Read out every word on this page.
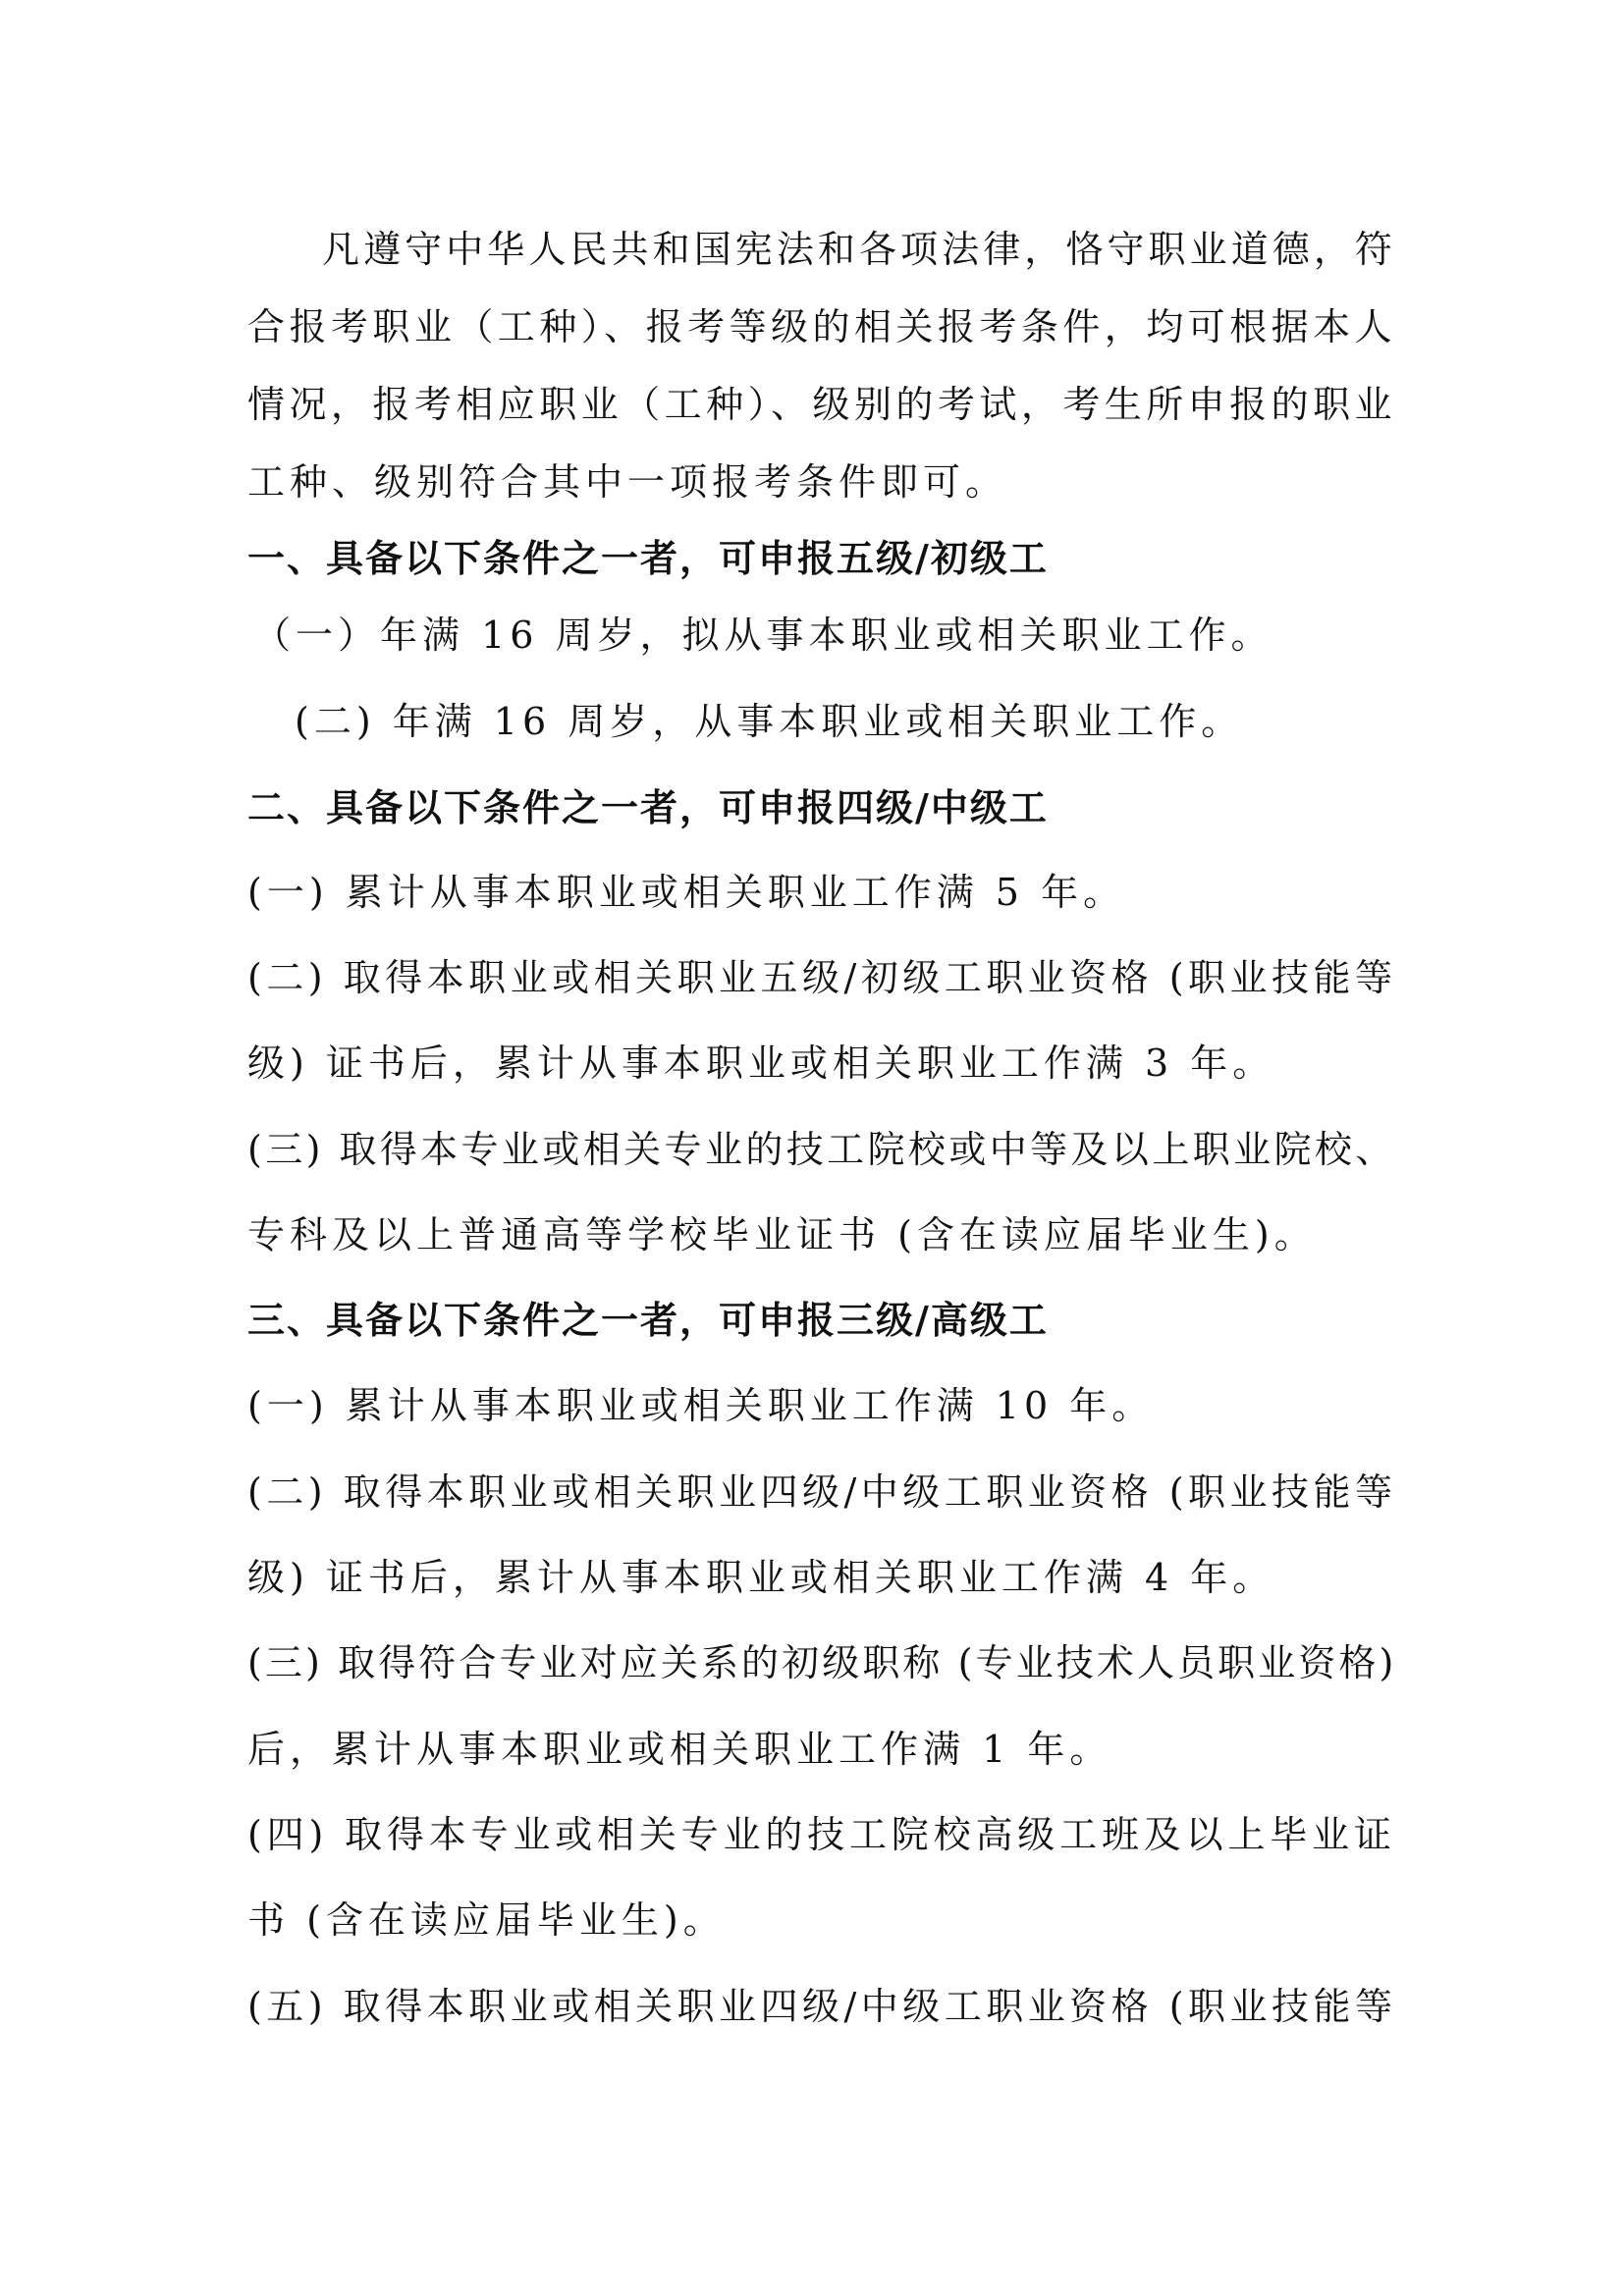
凡遵守中华人民共和国宪法和各项法律，恪守职业道德，符
合报考职业（工种）、报考等级的相关报考条件，均可根据本人
情况，报考相应职业（工种）、级别的考试，考生所申报的职业
工种、级别符合其中一项报考条件即可。
一、具备以下条件之一者，可申报五级/初级工
（一）年满 16 周岁，拟从事本职业或相关职业工作。
(二) 年满 16 周岁，从事本职业或相关职业工作。
二、具备以下条件之一者，可申报四级/中级工
(一) 累计从事本职业或相关职业工作满 5 年。
(二) 取得本职业或相关职业五级/初级工职业资格 (职业技能等
级) 证书后，累计从事本职业或相关职业工作满 3 年。
(三) 取得本专业或相关专业的技工院校或中等及以上职业院校、
专科及以上普通高等学校毕业证书 (含在读应届毕业生)。
三、具备以下条件之一者，可申报三级/高级工
(一) 累计从事本职业或相关职业工作满 10 年。
(二) 取得本职业或相关职业四级/中级工职业资格 (职业技能等
级) 证书后，累计从事本职业或相关职业工作满 4 年。
(三) 取得符合专业对应关系的初级职称 (专业技术人员职业资格)
后，累计从事本职业或相关职业工作满 1 年。
(四) 取得本专业或相关专业的技工院校高级工班及以上毕业证
书 (含在读应届毕业生)。
(五) 取得本职业或相关职业四级/中级工职业资格 (职业技能等
